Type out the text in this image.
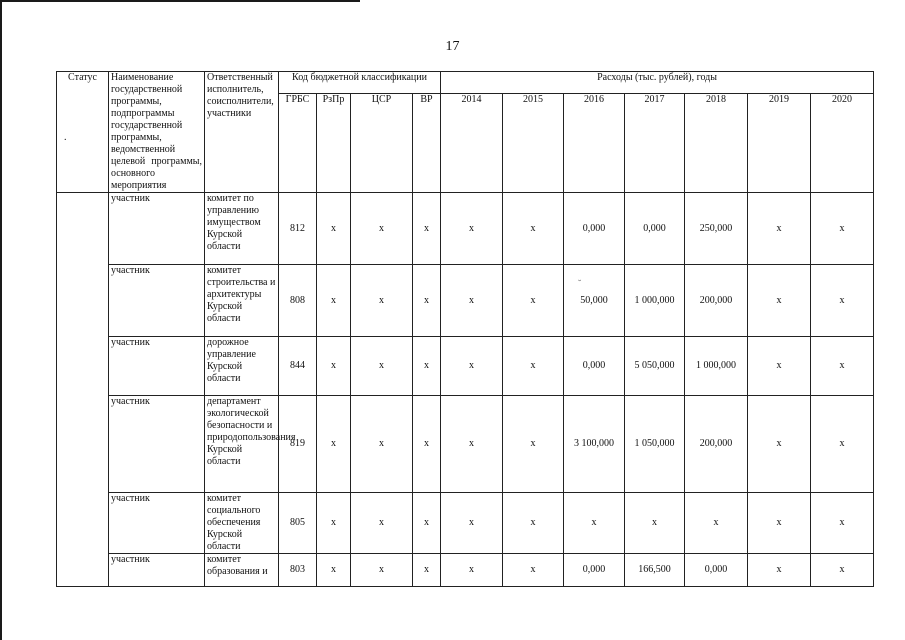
17
Статус	Наименование государственной программы, подпрограммы государственной программы, ведомственной целевой программы, основного мероприятия	Ответственный исполнитель, соисполнители, участники	Код бюджетной классификации				Расходы (тыс. рублей), годы						
			ГРБС	РзПр	ЦСР	ВР	2014	2015	2016	2017	2018	2019	2020
	участник	комитет по управлению имуществом Курской области	812	x	x	x	x	x	0,000	0,000	250,000	x	x
	участник	комитет строительства и архитектуры Курской области	808	x	x	x	x	x	50,000	1 000,000	200,000	x	x
	участник	дорожное управление Курской области	844	x	x	x	x	x	0,000	5 050,000	1 000,000	x	x
	участник	департамент экологической безопасности и природопользования Курской области	819	x	x	x	x	x	3 100,000	1 050,000	200,000	x	x
	участник	комитет социального обеспечения Курской области	805	x	x	x	x	x	x	x	x	x	x
	участник	комитет образования и	803	x	x	x	x	x	0,000	166,500	0,000	x	x
.
˘
